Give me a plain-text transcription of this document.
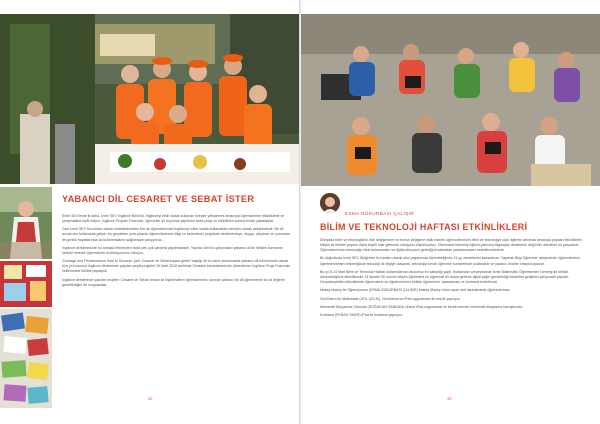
YABANCI DİL CESARET VE SEBAT İSTER

Enfel SEV'lerde ki daha. İzmir SEV İngilizce Bölümü, İngilizceyi etkili olarak kullanan bireyler yetiştirmek amacıyla öğrencilerine etkinliklerle ve yarışmalarla eşlik ediyor. İngilizce Projeler Fuarında, öğrenciler yıl boyunca yaptıkları farklı proje ve etkinlikleri sunma fırsatı yakaladılar.

Özel İzmir SEV Kurumları olarak hedeflerimizden biri de öğrencilerimizi İngilizceyi etkin olarak kullanabilen bireyler olarak yetiştirmektir. Bir dil ancak onu kullanarak gelişir; bu gerçekten yola çıkarak öğrencilerimizin bilgi ve becerilerini projelerle desteklemeye, duygu, düşünce ve yorumları ile günlük hayatlarında da kullanmalarını sağlamaya çalışıyoruz.

İngilizce derslerimizde bu amaçla birbirinden farklı pek çok çalışma yapılmaktadır. Yapılan tüm bu çalışmaları yabancı dil ile iletişim kurmanın zevkini vererek öğrencilerin motivasyonunu artırıyor.

'Courage and Perseverance lead to Success' yani 'Cesaret ve Sebat başarı getirir' başlığı ile bu sene okulumuzda yabancı dil bölümümüz olarak tüm yıl boyunca İngilizce derslerinde yapılan çeşitli projeleri 26 Mart 2016 tarihinde Ortaokul kampüsümüzde düzenlenen İngilizce Proje Fuarında velilerimizle birlikte paylaştık.

İngilizce derslerinde yapılan projeleri 'Cesaret ve Sebat' temalı ile ilişkilendiren öğrencilerimiz, sınırda yabancı bir dil öğrenmenin bu iki değerle gerektirdiğini de vurguladılar.

32
ESMA GÜKURBASI ÇALIŞIR
BİLİM VE TEKNOLOJİ HAFTASI ETKİNLİKLERİ

Dünyada bilim ve teknolojideki hızlı değişimlere ve bunun değişime eşlik ederek öğrencilerimizin bilim ve teknolojiye olan ilgilerini artırmak amacıyla yapılan etkinliklerin bilişim ile birlikte yaşamı daha keyifli hale getirmek olduğunu düşünüyoruz. Ülkemizde teknoloji eğitimi yalnızca bilgisayar derslerinin değil tüm derslerin bir parçasıdır. Öğrencilerimizin teknolojiyi etkin kullanmaları ve dijital dünyanın getirdiği fırsatlardan yararlanmaları hedeflenmektedir.

Bu doğrultuda İzmir SEV İlköğretim Kurumları olarak okul yaşamında düzenlediğimiz 21 yy. becerilerini kazandıran 'Yaparak Bilgi Öğrenme' atölyesinde öğrencilerimiz, öğretmenlerinin rehberliğinde teknoloji ile bilgiye ulaşarak, teknolojiyi kendi öğrenme süreçlerinde kullandılar ve yaratıcı ürünler ortaya koydular.

Bu yıl 8-14 Mart Bilim ve Teknoloji Haftası kutlamalarına okulumuz ev sahipliği yaptı. Kutlamalar çerçevesinde İzmir Matematik Öğretmenleri Derneği ile birlikte düzenlediğimiz etkinliklerde 13 ilçeden 50 okulun bilişim öğretmeni ve öğrencisi bir araya gelerek dijital çağın gerektirdiği becerileri geliştirici çalışmalar yaptılar. Gerçekleştirilen etkinliklerde öğrencilerin ve öğretmenlerin birlikte öğrenmesi, tasarlaması ve üretmesi hedeflendi.

Makey Makey ile Öğreniyorum (ESMA GÜKURBASI ÇALIŞIR) Makey Makey robot uçum seti tasarlanarak öğrencilerimiz.

GeoGebra ile Matematik (ATIL ÇELİK), GeoGebra ve iPad uygulaması ile müzik yapılıyor.

Minecraft Dünyasına Yolculuk (DOĞUKAN GANDAN) Unkon iPad uygulaması ile kendi mermin minecraft dünyasına kavuşturulur.

Kodlama (FERAH ÖNER) iPad ile kodlama yapılıyor.

33
